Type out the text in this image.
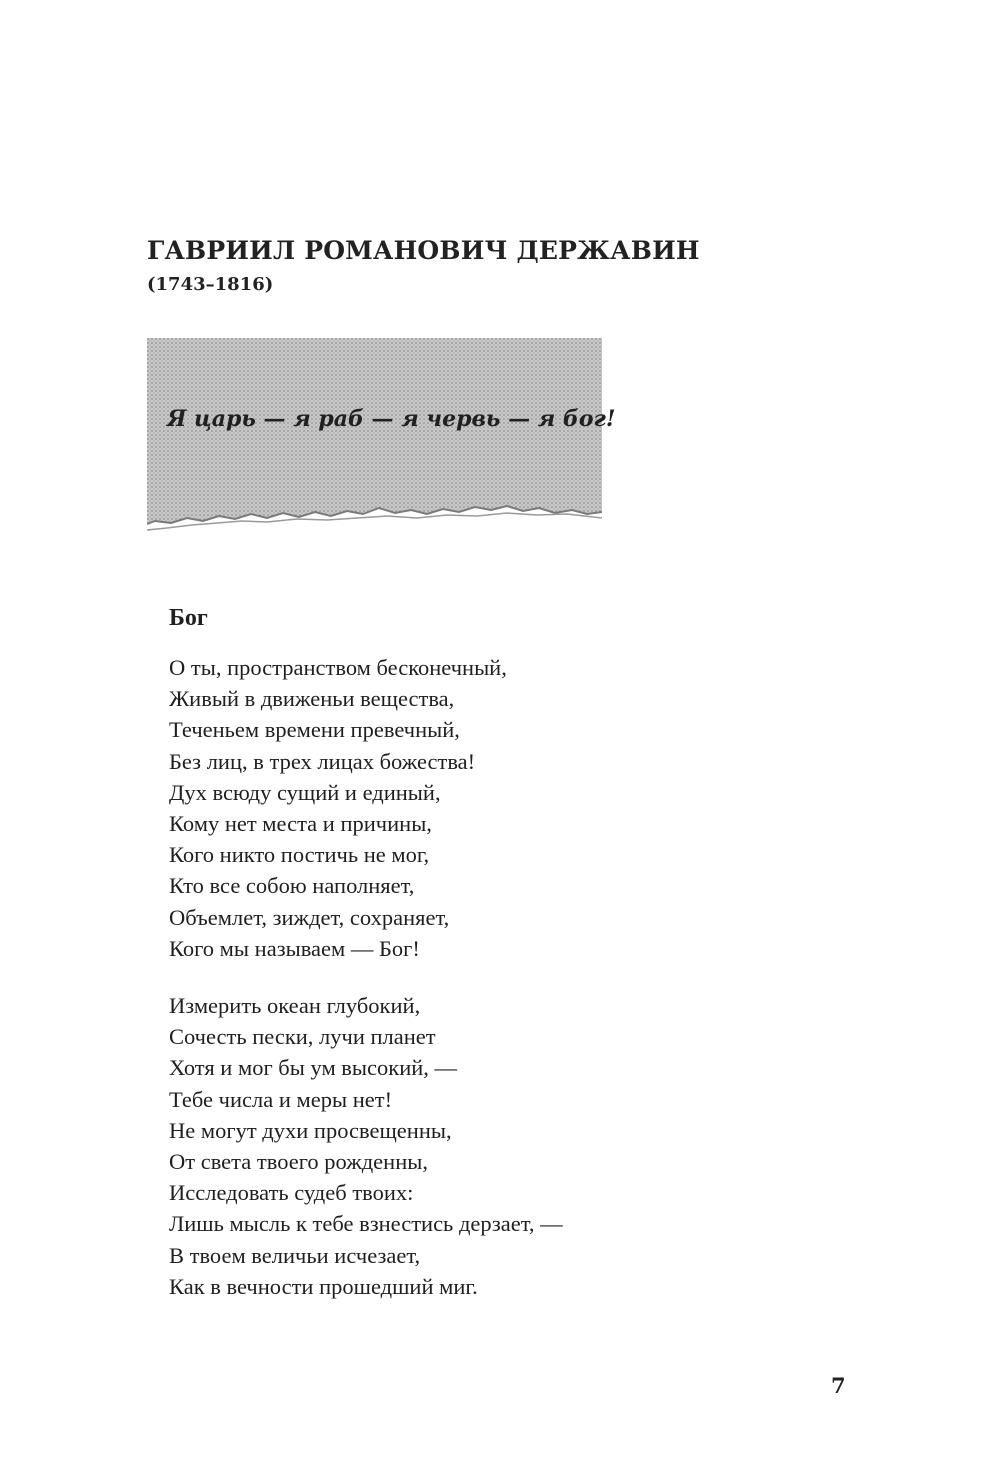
ГАВРИИЛ РОМАНОВИЧ ДЕРЖАВИН
(1743–1816)
Я царь — я раб — я червь — я бог!
Бог
О ты, пространством бесконечный,
Живый в движеньи вещества,
Теченьем времени превечный,
Без лиц, в трех лицах божества!
Дух всюду сущий и единый,
Кому нет места и причины,
Кого никто постичь не мог,
Кто все собою наполняет,
Объемлет, зиждет, сохраняет,
Кого мы называем — Бог!
Измерить океан глубокий,
Сочесть пески, лучи планет
Хотя и мог бы ум высокий, —
Тебе числа и меры нет!
Не могут духи просвещенны,
От света твоего рожденны,
Исследовать судеб твоих:
Лишь мысль к тебе взнестись дерзает, —
В твоем величьи исчезает,
Как в вечности прошедший миг.
7
